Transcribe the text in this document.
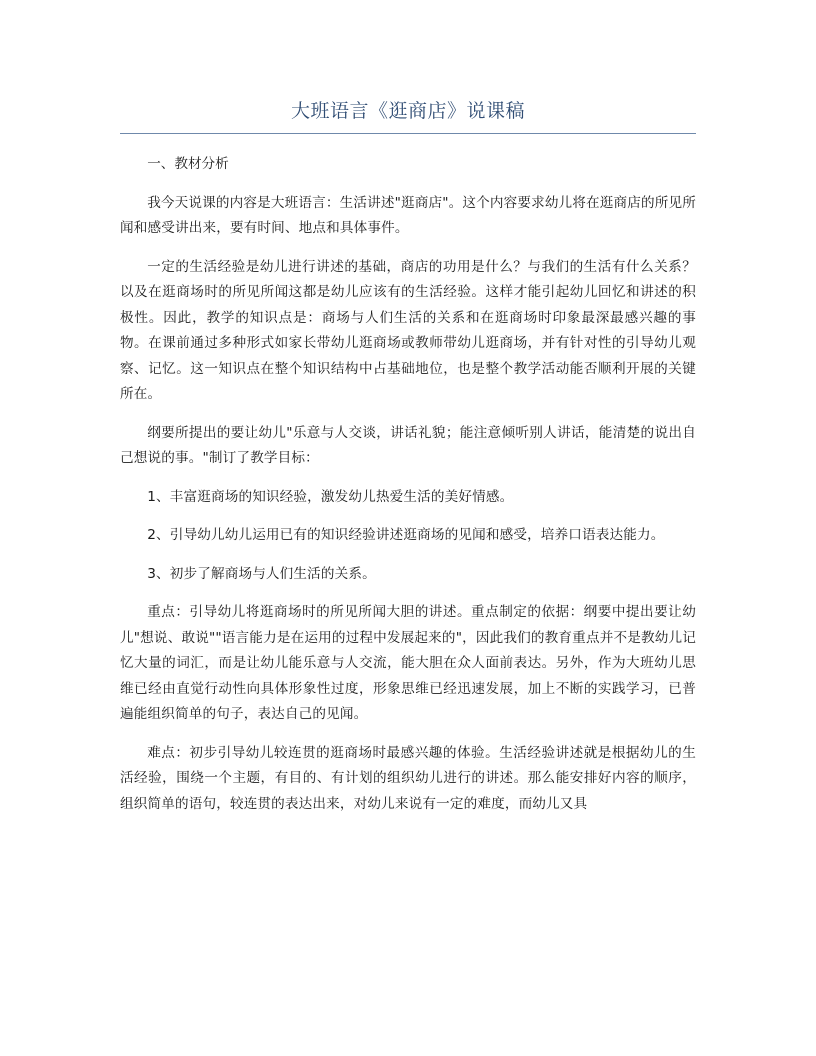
大班语言《逛商店》说课稿

一、教材分析

我今天说课的内容是大班语言：生活讲述"逛商店"。这个内容要求幼儿将在逛商店的所见所闻和感受讲出来，要有时间、地点和具体事件。

一定的生活经验是幼儿进行讲述的基础，商店的功用是什么？与我们的生活有什么关系？以及在逛商场时的所见所闻这都是幼儿应该有的生活经验。这样才能引起幼儿回忆和讲述的积极性。因此，教学的知识点是：商场与人们生活的关系和在逛商场时印象最深最感兴趣的事物。在课前通过多种形式如家长带幼儿逛商场或教师带幼儿逛商场，并有针对性的引导幼儿观察、记忆。这一知识点在整个知识结构中占基础地位，也是整个教学活动能否顺利开展的关键所在。

纲要所提出的要让幼儿"乐意与人交谈，讲话礼貌；能注意倾听别人讲话，能清楚的说出自己想说的事。"制订了教学目标：

1、丰富逛商场的知识经验，激发幼儿热爱生活的美好情感。

2、引导幼儿幼儿运用已有的知识经验讲述逛商场的见闻和感受，培养口语表达能力。

3、初步了解商场与人们生活的关系。

重点：引导幼儿将逛商场时的所见所闻大胆的讲述。重点制定的依据：纲要中提出要让幼儿"想说、敢说""语言能力是在运用的过程中发展起来的"，因此我们的教育重点并不是教幼儿记忆大量的词汇，而是让幼儿能乐意与人交流，能大胆在众人面前表达。另外，作为大班幼儿思维已经由直觉行动性向具体形象性过度，形象思维已经迅速发展，加上不断的实践学习，已普遍能组织简单的句子，表达自己的见闻。

难点：初步引导幼儿较连贯的逛商场时最感兴趣的体验。生活经验讲述就是根据幼儿的生活经验，围绕一个主题，有目的、有计划的组织幼儿进行的讲述。那么能安排好内容的顺序，组织简单的语句，较连贯的表达出来，对幼儿来说有一定的难度，而幼儿又具
